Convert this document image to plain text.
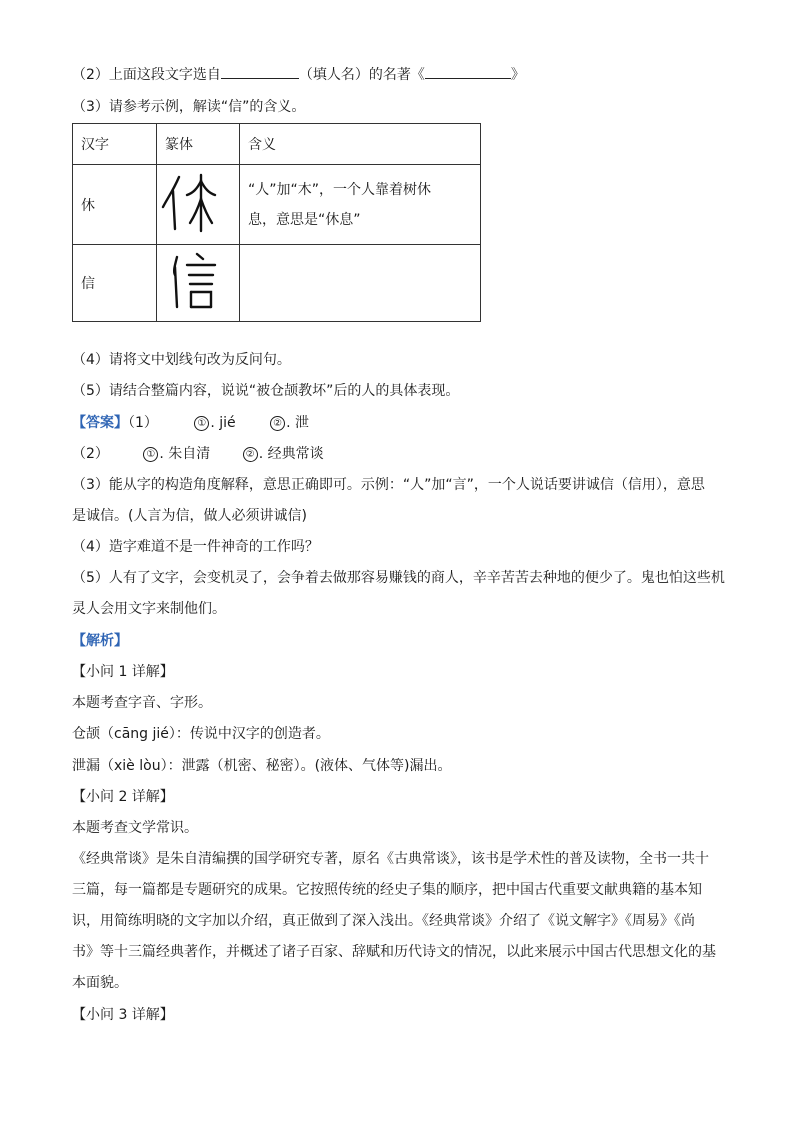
（2）上面这段文字选自	（填人名）的名著《	》
（3）请参考示例，解读“信”的含义。
汉字	篆体	含义
休		“人”加“木”，一个人靠着树休
息，意思是“休息”

信		
（4）请将文中划线句改为反问句。
（5）请结合整篇内容，说说“被仓颉教坏”后的人的具体表现。
【答案】（1）	① . jié	② . 泄
（2）	① . 朱自清	② . 经典常谈
（3）能从字的构造角度解释，意思正确即可。示例：“人”加“言”，一个人说话要讲诚信（信用），意思
是诚信。(人言为信，做人必须讲诚信)
（4）造字难道不是一件神奇的工作吗？
（5）人有了文字，会变机灵了，会争着去做那容易赚钱的商人，辛辛苦苦去种地的便少了。鬼也怕这些机
灵人会用文字来制他们。
【解析】
【小问 1 详解】
本题考查字音、字形。
仓颉（cāng jié）：传说中汉字的创造者。
泄漏（xiè lòu）：泄露（机密、秘密）。(液体、气体等)漏出。
【小问 2 详解】
本题考查文学常识。
《经典常谈》是朱自清编撰的国学研究专著，原名《古典常谈》，该书是学术性的普及读物，全书一共十
三篇，每一篇都是专题研究的成果。它按照传统的经史子集的顺序，把中国古代重要文献典籍的基本知
识，用简练明晓的文字加以介绍，真正做到了深入浅出。《经典常谈》介绍了《说文解字》《周易》《尚
书》等十三篇经典著作，并概述了诸子百家、辞赋和历代诗文的情况，以此来展示中国古代思想文化的基
本面貌。
【小问 3 详解】
